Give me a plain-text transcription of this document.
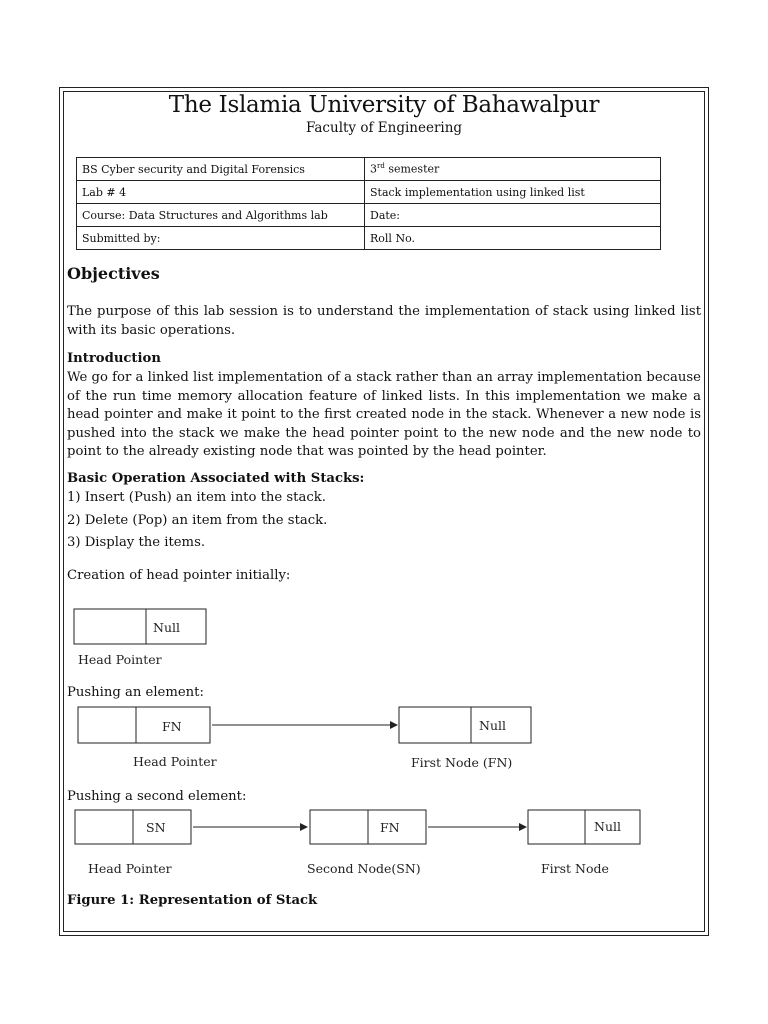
The Islamia University of Bahawalpur
Faculty of Engineering
BS Cyber security and Digital Forensics	3rd semester
Lab # 4	Stack implementation using linked list
Course: Data Structures and Algorithms lab	Date:
Submitted by:	Roll No.
Objectives
The purpose of this lab session is to understand the implementation of stack using linked list with its basic operations.
Introduction
We go for a linked list implementation of a stack rather than an array implementation because of the run time memory allocation feature of linked lists. In this implementation we make a head pointer and make it point to the first created node in the stack. Whenever a new node is pushed into the stack we make the head pointer point to the new node and the new node to point to the already existing node that was pointed by the head pointer.
Basic Operation Associated with Stacks:
1) Insert (Push) an item into the stack.
2) Delete (Pop) an item from the stack.
3) Display the items.
Creation of head pointer initially:
Pushing an element:
Pushing a second element:
Figure 1: Representation of Stack
Null
Head Pointer
FN
Head Pointer
Null
First Node (FN)
SN
Head Pointer
FN
Second Node(SN)
Null
First Node
